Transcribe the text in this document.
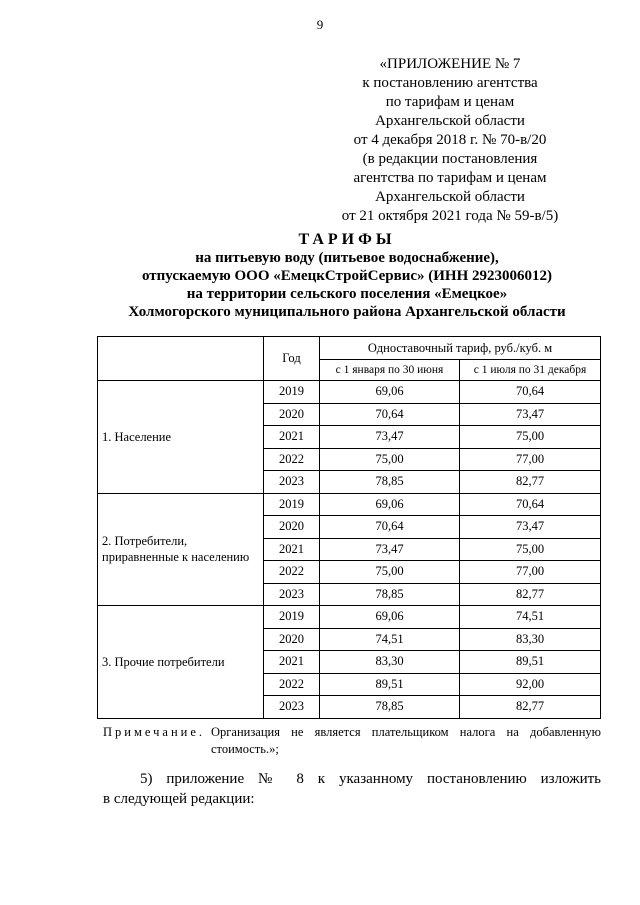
9
«ПРИЛОЖЕНИЕ № 7
к постановлению агентства
по тарифам и ценам
Архангельской области
от 4 декабря 2018 г. № 70-в/20
(в редакции постановления
агентства по тарифам и ценам
Архангельской области
от 21 октября 2021 года № 59-в/5)
ТАРИФЫ
на питьевую воду (питьевое водоснабжение),
отпускаемую ООО «ЕмецкСтройСервис» (ИНН 2923006012)
на территории сельского поселения «Емецкое»
Холмогорского муниципального района Архангельской области
	Год	Одноставочный тариф, руб./куб. м	
		с 1 января по 30 июня	с 1 июля по 31 декабря
1. Население	2019	69,06	70,64
	2020	70,64	73,47
	2021	73,47	75,00
	2022	75,00	77,00
	2023	78,85	82,77
2. Потребители, приравненные к населению	2019	69,06	70,64
	2020	70,64	73,47
	2021	73,47	75,00
	2022	75,00	77,00
	2023	78,85	82,77
3. Прочие потребители	2019	69,06	74,51
	2020	74,51	83,30
	2021	83,30	89,51
	2022	89,51	92,00
	2023	78,85	82,77
Примечание. Организация не является плательщиком налога на добавленную стоимость.»;
5) приложение № 8 к указанному постановлению изложить
в следующей редакции:
